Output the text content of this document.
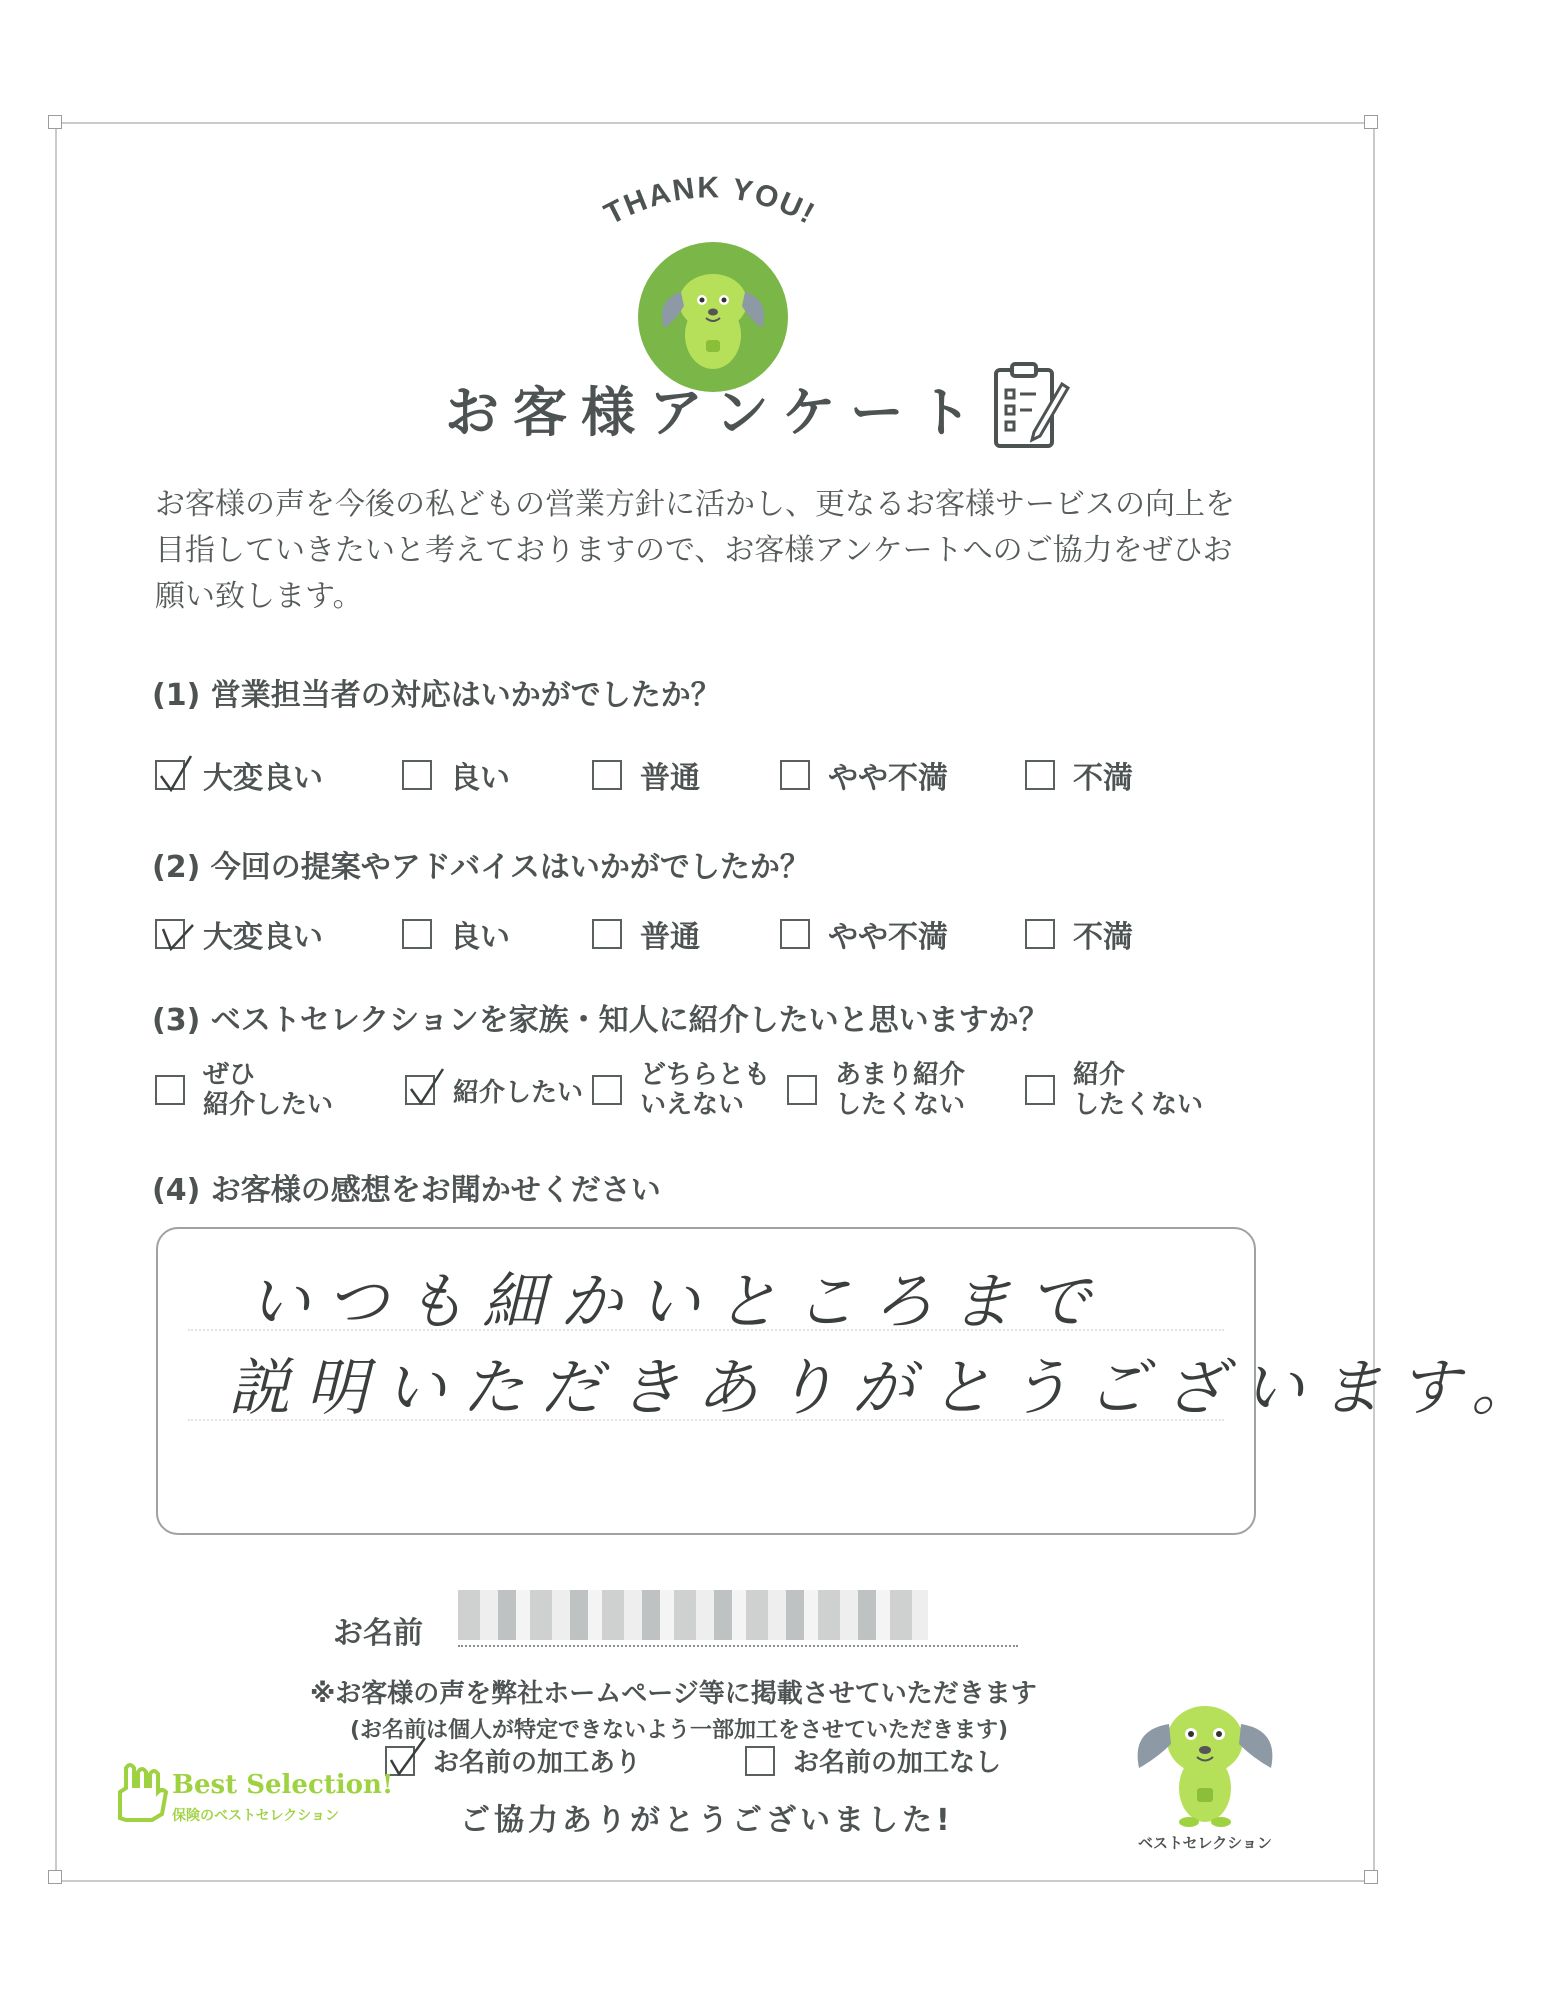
THANK YOU!
お客様アンケート
お客様の声を今後の私どもの営業方針に活かし、更なるお客様サービスの向上を目指していきたいと考えておりますので、お客様アンケートへのご協力をぜひお願い致します。
(1) 営業担当者の対応はいかがでしたか？
大変良い	良い	普通	やや不満	不満
(2) 今回の提案やアドバイスはいかがでしたか？
大変良い	良い	普通	やや不満	不満
(3) ベストセレクションを家族・知人に紹介したいと思いますか？
ぜひ
紹介したい	紹介したい
どちらとも
いえない
あまり紹介
したくない
紹介
したくない
(4) お客様の感想をお聞かせください
いつも細かいところまで
説明いただきありがとうございます。
お名前
※お客様の声を弊社ホームページ等に掲載させていただきます
(お名前は個人が特定できないよう一部加工をさせていただきます)
お名前の加工あり	お名前の加工なし
ご協力ありがとうございました!
Best Selection!
保険のベストセレクション
ベストセレクション
